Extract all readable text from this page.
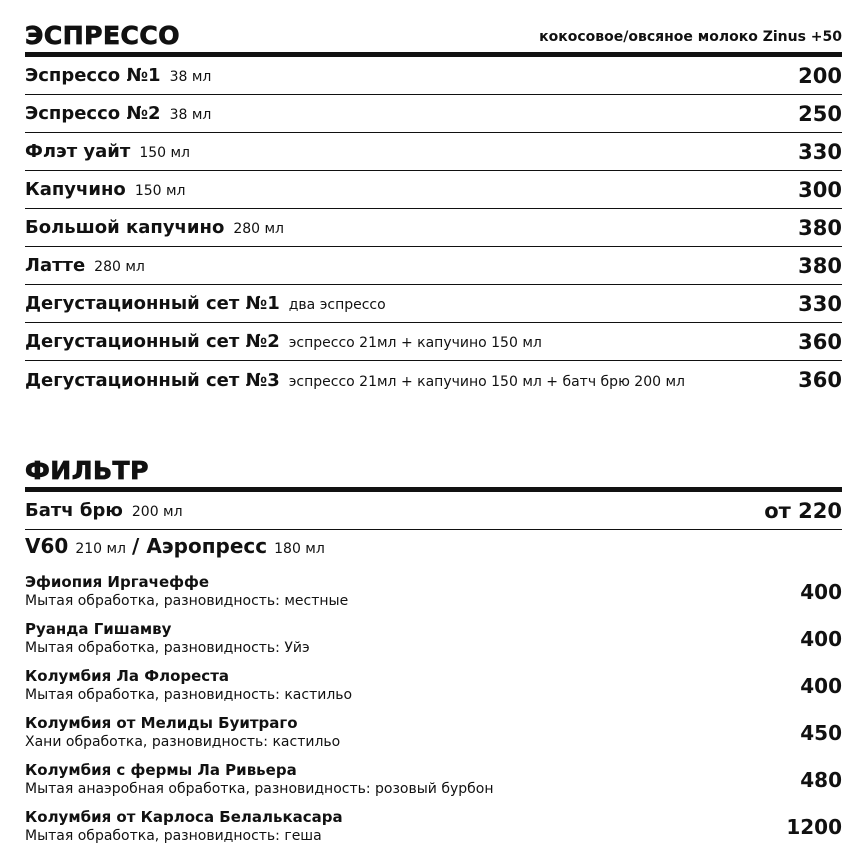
ЭСПРЕССО	кокосовое/овсяное молоко Zinus +50
Эспрессо №1 38 мл	200
Эспрессо №2 38 мл	250
Флэт уайт 150 мл	330
Капучино 150 мл	300
Большой капучино 280 мл	380
Латте 280 мл	380
Дегустационный сет №1 два эспрессо	330
Дегустационный сет №2 эспрессо 21мл + капучино 150 мл	360
Дегустационный сет №3 эспрессо 21мл + капучино 150 мл + батч брю 200 мл	360
ФИЛЬТР
Батч брю 200 мл	от 220
V60 210 мл / Аэропресс 180 мл
Эфиопия Иргачеффе
Мытая обработка, разновидность: местные	400
Руанда Гишамву
Мытая обработка, разновидность: Уйэ	400
Колумбия Ла Флореста
Мытая обработка, разновидность: кастильо	400
Колумбия от Мелиды Буитраго
Хани обработка, разновидность: кастильо	450
Колумбия с фермы Ла Ривьера
Мытая анаэробная обработка, разновидность: розовый бурбон	480
Колумбия от Карлоса Белалькасара
Мытая обработка, разновидность: геша	1200
